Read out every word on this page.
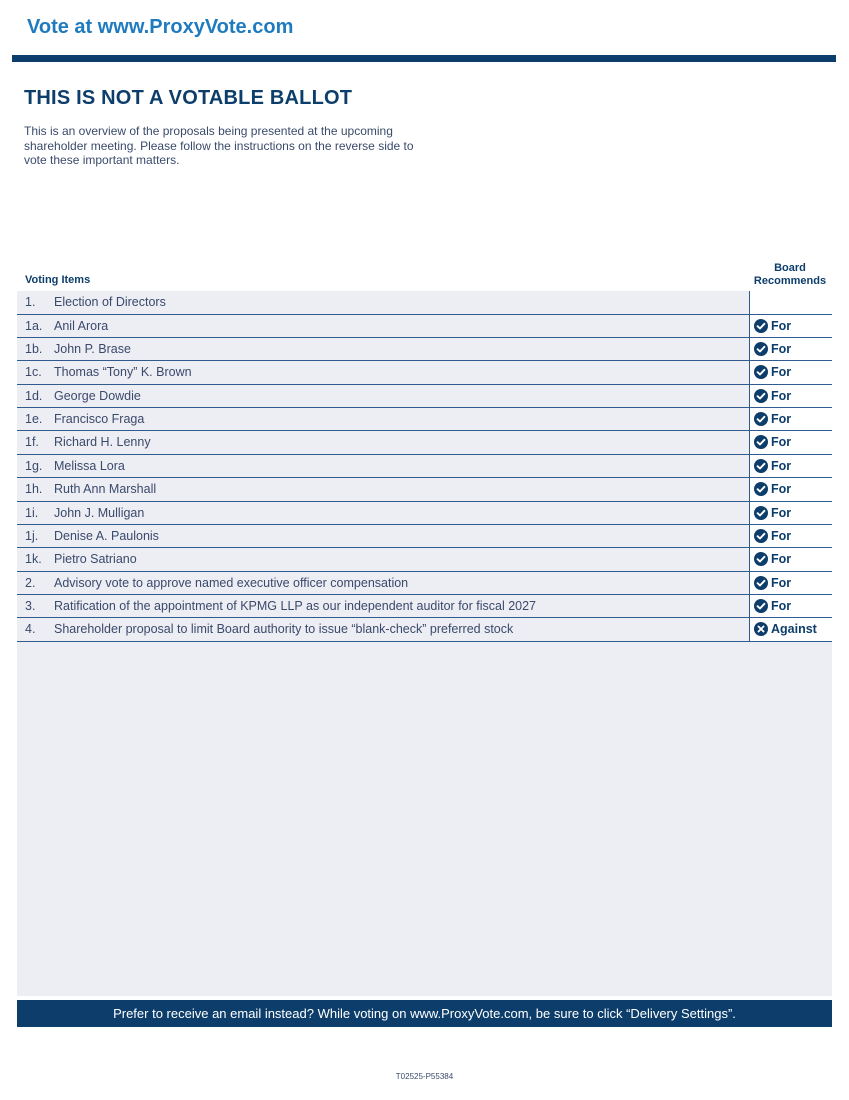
Vote at www.ProxyVote.com
THIS IS NOT A VOTABLE BALLOT
This is an overview of the proposals being presented at the upcoming shareholder meeting. Please follow the instructions on the reverse side to vote these important matters.
Voting Items
Board
Recommends
1. Election of Directors
1a. Anil Arora	For
1b. John P. Brase	For
1c. Thomas “Tony” K. Brown	For
1d. George Dowdie	For
1e. Francisco Fraga	For
1f. Richard H. Lenny	For
1g. Melissa Lora	For
1h. Ruth Ann Marshall	For
1i. John J. Mulligan	For
1j. Denise A. Paulonis	For
1k. Pietro Satriano	For
2. Advisory vote to approve named executive officer compensation	For
3. Ratification of the appointment of KPMG LLP as our independent auditor for fiscal 2027	For
4. Shareholder proposal to limit Board authority to issue “blank-check” preferred stock	Against
Prefer to receive an email instead? While voting on www.ProxyVote.com, be sure to click “Delivery Settings”.
T02525-P55384
